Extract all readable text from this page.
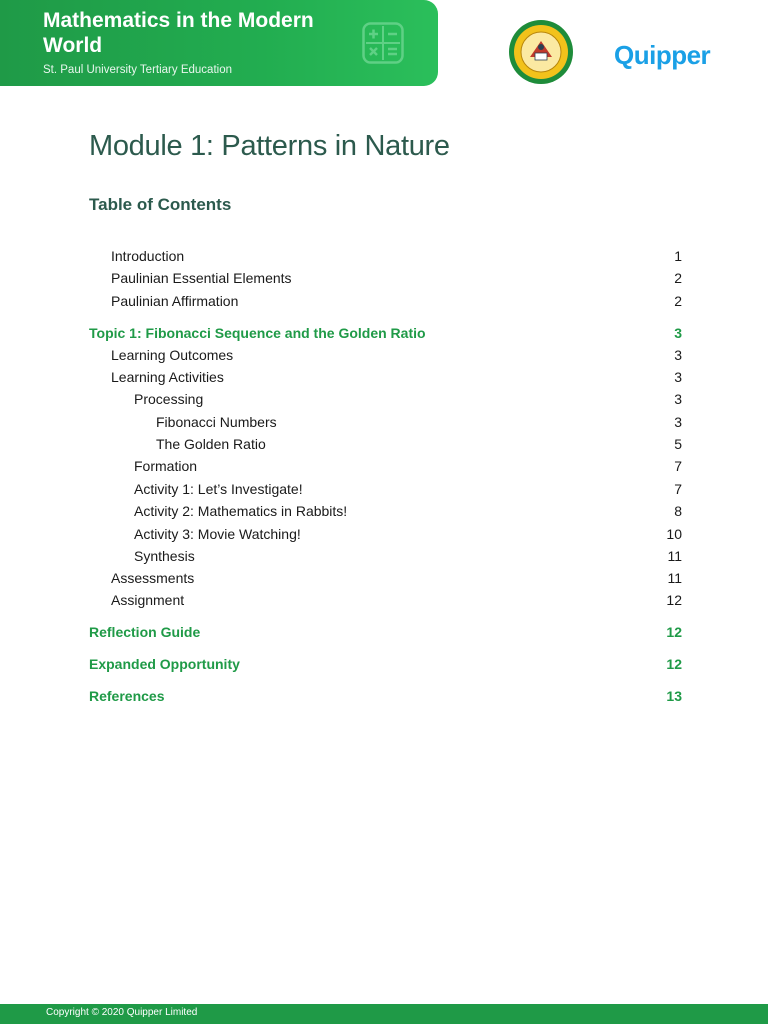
Mathematics in the Modern World
St. Paul University Tertiary Education	Quipper
Module 1: Patterns in Nature
Table of Contents
Introduction	1
Paulinian Essential Elements	2
Paulinian Affirmation	2
Topic 1: Fibonacci Sequence and the Golden Ratio	3
Learning Outcomes	3
Learning Activities	3
Processing	3
Fibonacci Numbers	3
The Golden Ratio	5
Formation	7
Activity 1: Let’s Investigate!	7
Activity 2: Mathematics in Rabbits!	8
Activity 3: Movie Watching!	10
Synthesis	11
Assessments	11
Assignment	12
Reflection Guide	12
Expanded Opportunity	12
References	13
Copyright © 2020 Quipper Limited
